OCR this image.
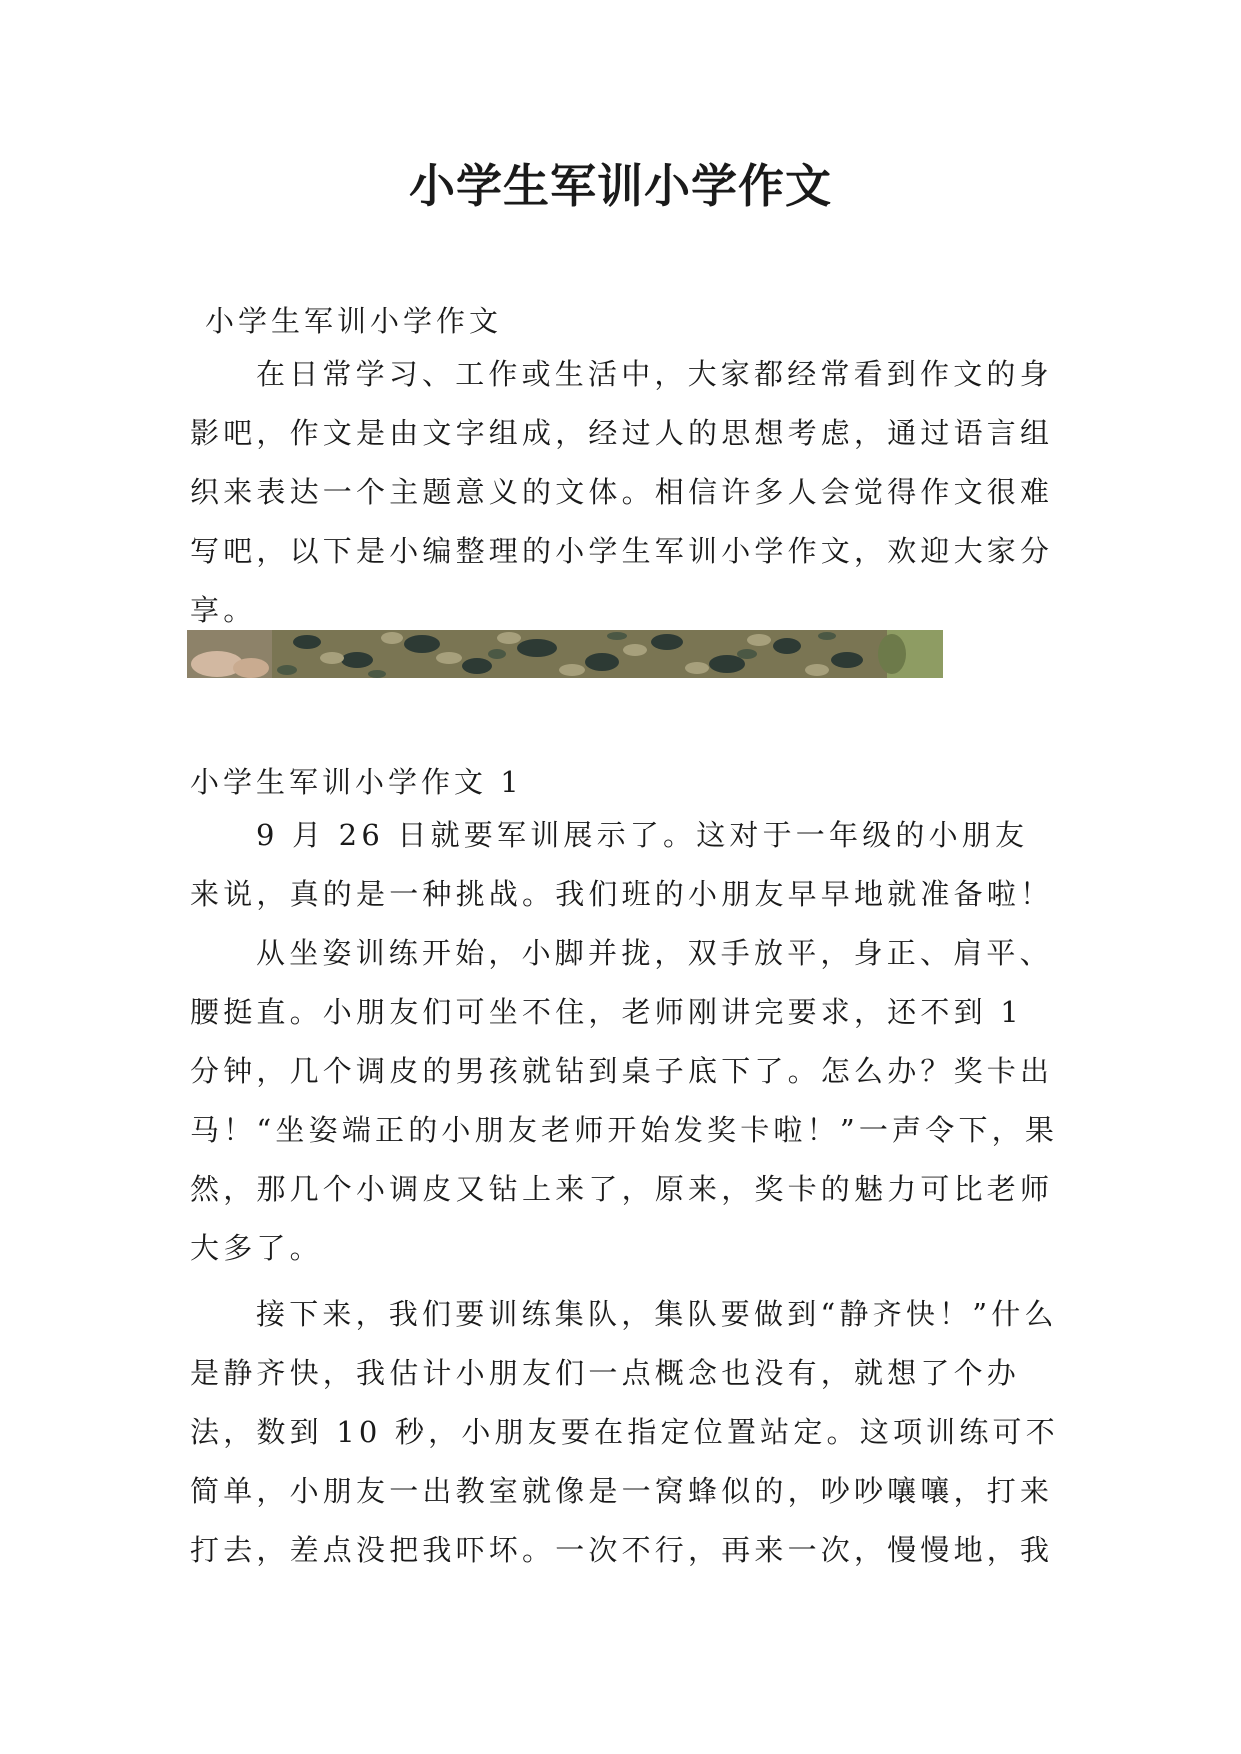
小学生军训小学作文
小学生军训小学作文

在日常学习、工作或生活中，大家都经常看到作文的身影吧，作文是由文字组成，经过人的思想考虑，通过语言组织来表达一个主题意义的文体。相信许多人会觉得作文很难写吧，以下是小编整理的小学生军训小学作文，欢迎大家分享。

小学生军训小学作文 1

9 月 26 日就要军训展示了。这对于一年级的小朋友来说，真的是一种挑战。我们班的小朋友早早地就准备啦！

从坐姿训练开始，小脚并拢，双手放平，身正、肩平、腰挺直。小朋友们可坐不住，老师刚讲完要求，还不到 1 分钟，几个调皮的男孩就钻到桌子底下了。怎么办？奖卡出马！“坐姿端正的小朋友老师开始发奖卡啦！”一声令下，果然，那几个小调皮又钻上来了，原来，奖卡的魅力可比老师大多了。

接下来，我们要训练集队，集队要做到“静齐快！”什么是静齐快，我估计小朋友们一点概念也没有，就想了个办法，数到 10 秒，小朋友要在指定位置站定。这项训练可不简单，小朋友一出教室就像是一窝蜂似的，吵吵嚷嚷，打来打去，差点没把我吓坏。一次不行，再来一次，慢慢地，我
